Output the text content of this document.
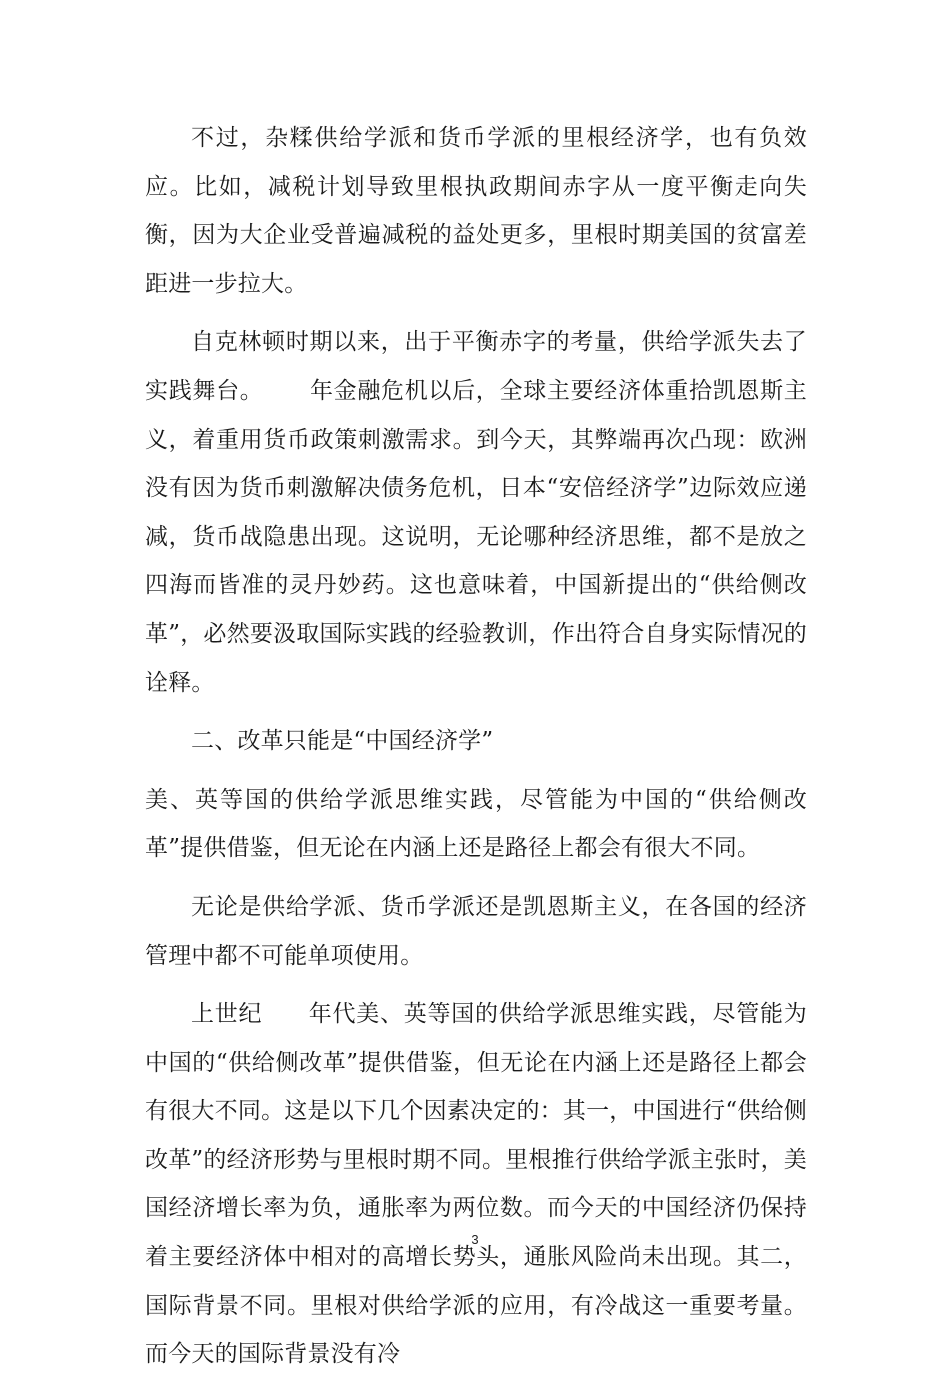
不过，杂糅供给学派和货币学派的里根经济学，也有负效应。比如，减税计划导致里根执政期间赤字从一度平衡走向失衡，因为大企业受普遍减税的益处更多，里根时期美国的贫富差距进一步拉大。

自克林顿时期以来，出于平衡赤字的考量，供给学派失去了实践舞台。 年金融危机以后，全球主要经济体重拾凯恩斯主义，着重用货币政策刺激需求。到今天，其弊端再次凸现：欧洲没有因为货币刺激解决债务危机，日本“安倍经济学”边际效应递减，货币战隐患出现。这说明，无论哪种经济思维，都不是放之四海而皆准的灵丹妙药。这也意味着，中国新提出的“供给侧改革”，必然要汲取国际实践的经验教训，作出符合自身实际情况的诠释。

二、改革只能是“中国经济学”

美、英等国的供给学派思维实践，尽管能为中国的“供给侧改革”提供借鉴，但无论在内涵上还是路径上都会有很大不同。

无论是供给学派、货币学派还是凯恩斯主义，在各国的经济管理中都不可能单项使用。

上世纪 年代美、英等国的供给学派思维实践，尽管能为中国的“供给侧改革”提供借鉴，但无论在内涵上还是路径上都会有很大不同。这是以下几个因素决定的：其一，中国进行“供给侧改革”的经济形势与里根时期不同。里根推行供给学派主张时，美国经济增长率为负，通胀率为两位数。而今天的中国经济仍保持着主要经济体中相对的高增长势头，通胀风险尚未出现。其二，国际背景不同。里根对供给学派的应用，有冷战这一重要考量。而今天的国际背景没有冷

3
